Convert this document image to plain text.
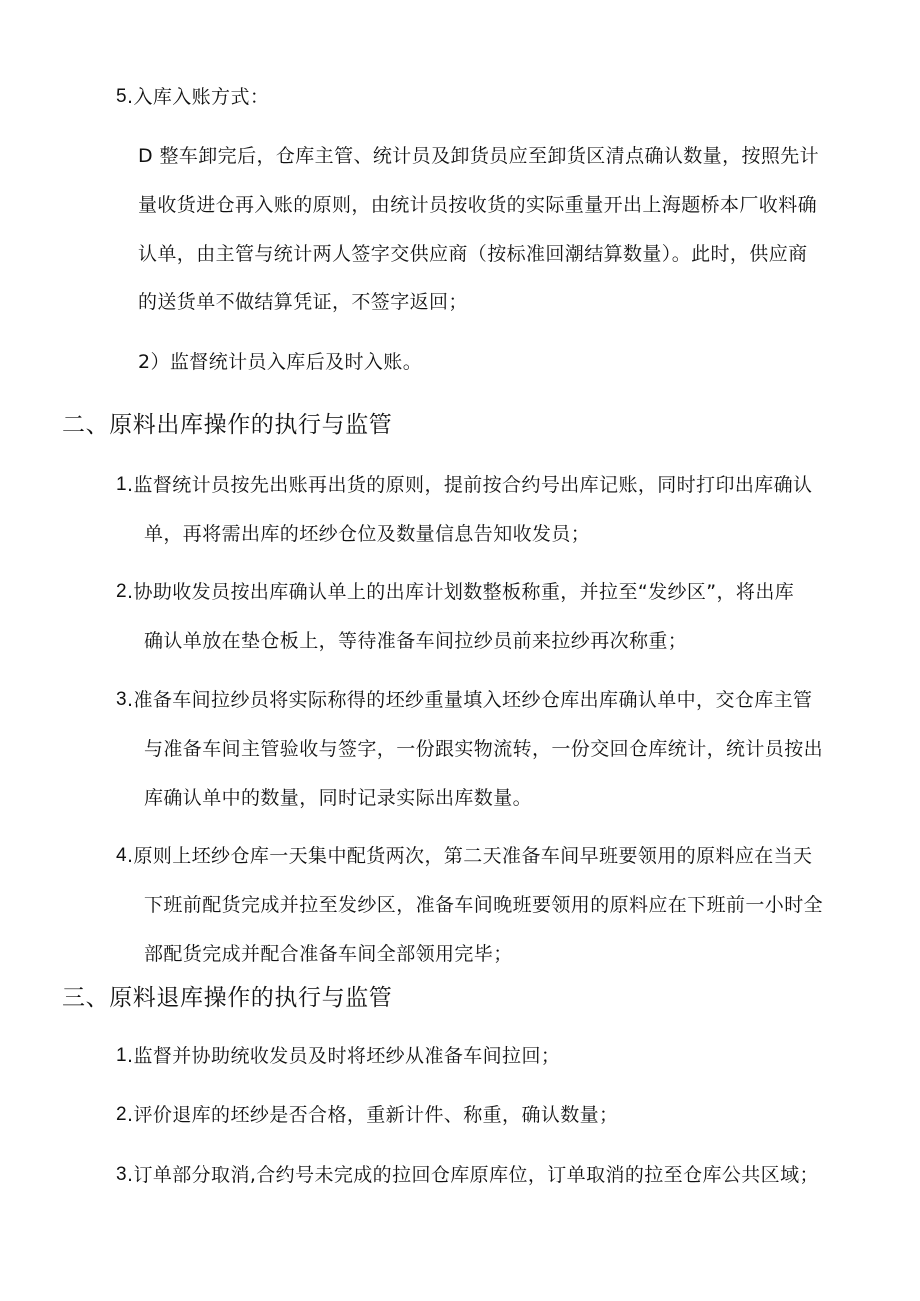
5 .入库入账方式：
D 整车卸完后，仓库主管、统计员及卸货员应至卸货区清点确认数量，按照先计
量收货进仓再入账的原则，由统计员按收货的实际重量开出上海题桥本厂收料确
认单，由主管与统计两人签字交供应商（按标准回潮结算数量）。此时，供应商
的送货单不做结算凭证，不签字返回；
2）监督统计员入库后及时入账。
二、原料出库操作的执行与监管
1 .监督统计员按先出账再出货的原则，提前按合约号出库记账，同时打印出库确认
单，再将需出库的坯纱仓位及数量信息告知收发员；
2 .协助收发员按出库确认单上的出库计划数整板称重，并拉至“发纱区”，将出库
确认单放在垫仓板上，等待准备车间拉纱员前来拉纱再次称重；
3 .准备车间拉纱员将实际称得的坯纱重量填入坯纱仓库出库确认单中，交仓库主管
与准备车间主管验收与签字，一份跟实物流转，一份交回仓库统计，统计员按出
库确认单中的数量，同时记录实际出库数量。
4 .原则上坯纱仓库一天集中配货两次，第二天准备车间早班要领用的原料应在当天
下班前配货完成并拉至发纱区，准备车间晚班要领用的原料应在下班前一小时全
部配货完成并配合准备车间全部领用完毕；
三、原料退库操作的执行与监管
1 .监督并协助统收发员及时将坯纱从准备车间拉回；
2 .评价退库的坯纱是否合格，重新计件、称重，确认数量；
3 .订单部分取消,合约号未完成的拉回仓库原库位，订单取消的拉至仓库公共区域；
